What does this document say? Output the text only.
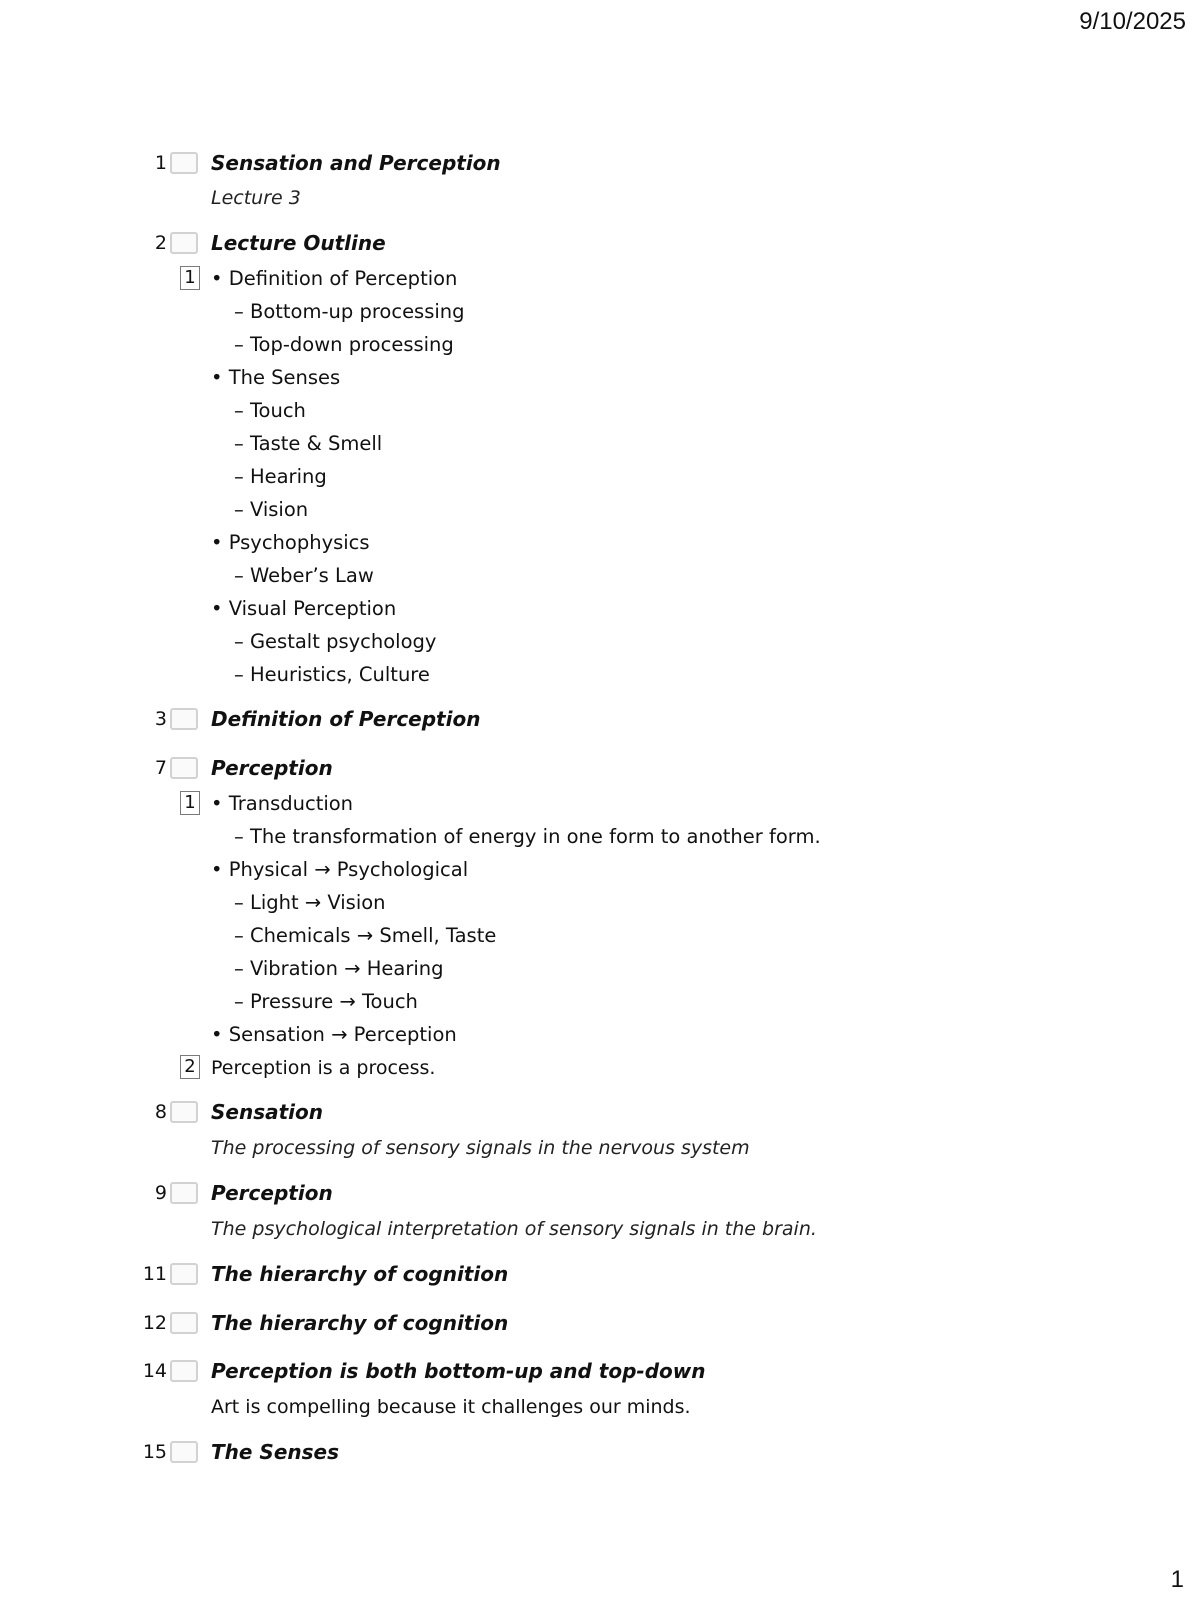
9/10/2025
1 Sensation and Perception
Lecture 3
2 Lecture Outline
1 • Definition of Perception
– Bottom-up processing
– Top-down processing
• The Senses
– Touch
– Taste & Smell
– Hearing
– Vision
• Psychophysics
– Weber’s Law
• Visual Perception
– Gestalt psychology
– Heuristics, Culture
3 Definition of Perception
7 Perception
1 • Transduction
– The transformation of energy in one form to another form.
• Physical → Psychological
– Light → Vision
– Chemicals → Smell, Taste
– Vibration → Hearing
– Pressure → Touch
• Sensation → Perception
2 Perception is a process.
8 Sensation
The processing of sensory signals in the nervous system
9 Perception
The psychological interpretation of sensory signals in the brain.
11 The hierarchy of cognition
12 The hierarchy of cognition
14 Perception is both bottom-up and top-down
Art is compelling because it challenges our minds.
15 The Senses
1
